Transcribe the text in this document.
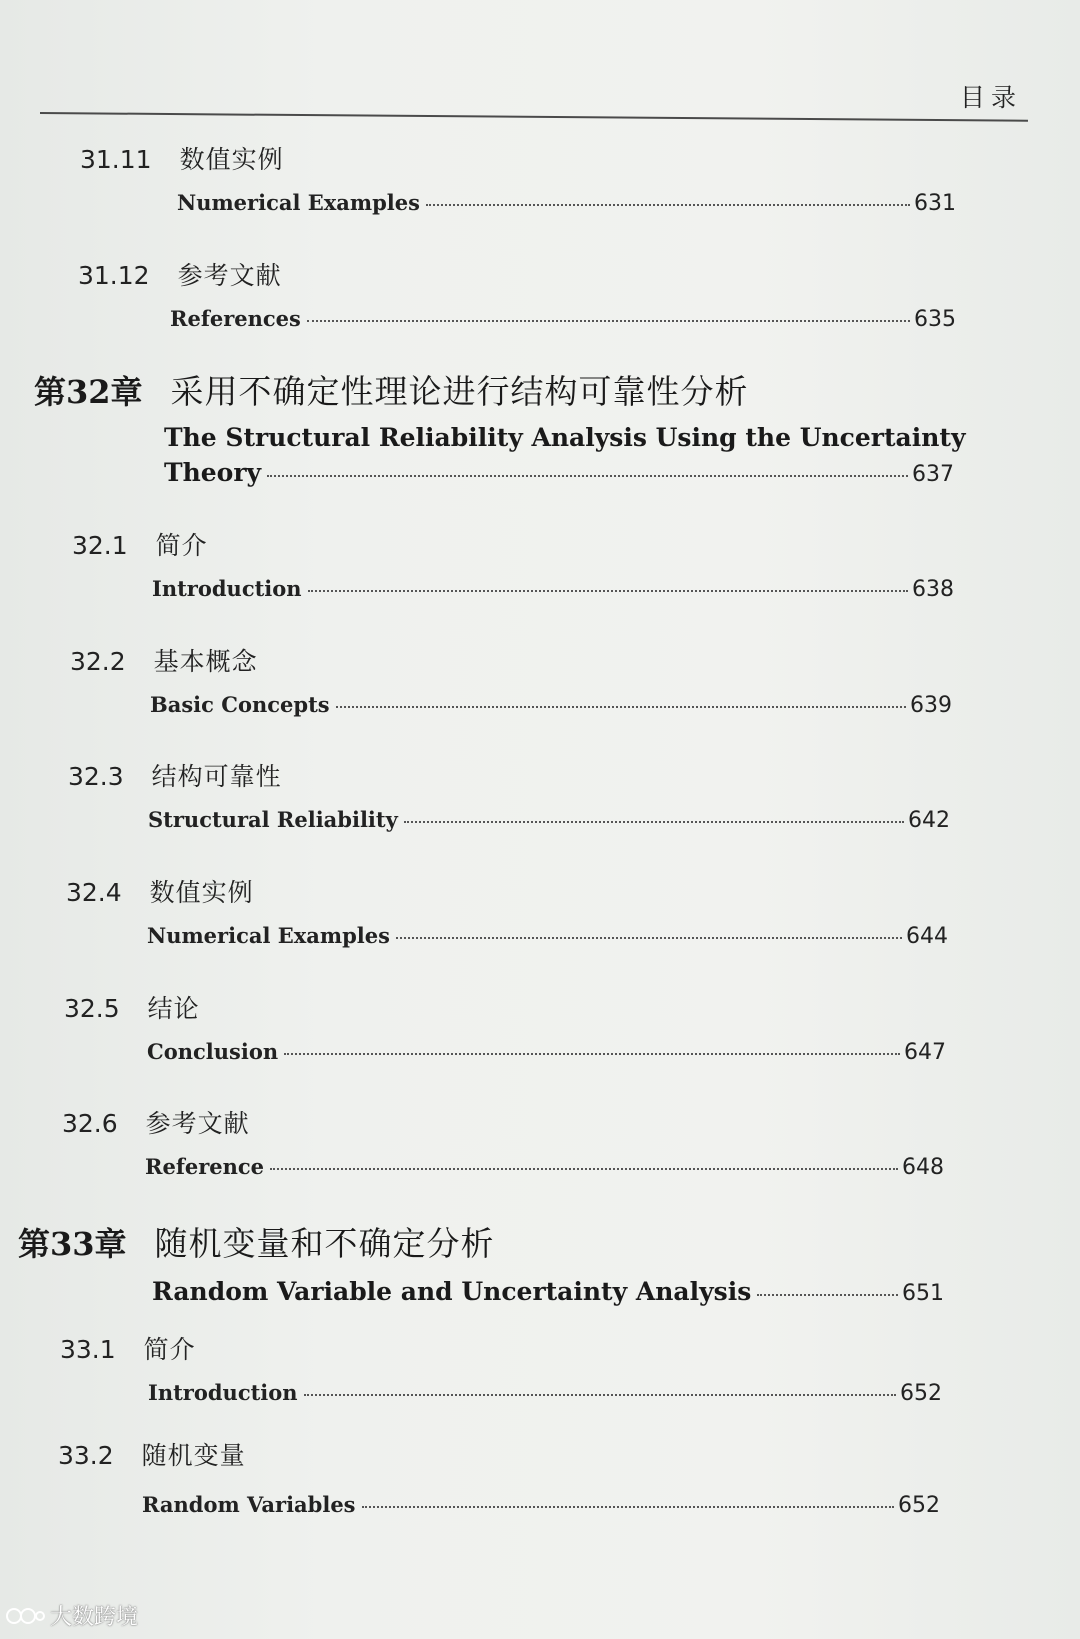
目录
31.11 数值实例
Numerical Examples	631
31.12 参考文献
References	635
第32章 采用不确定性理论进行结构可靠性分析
The Structural Reliability Analysis Using the Uncertainty
Theory	637
32.1 简介
Introduction	638
32.2 基本概念
Basic Concepts	639
32.3 结构可靠性
Structural Reliability	642
32.4 数值实例
Numerical Examples	644
32.5 结论
Conclusion	647
32.6 参考文献
Reference	648
第33章 随机变量和不确定分析
Random Variable and Uncertainty Analysis	651
33.1 简介
Introduction	652
33.2 随机变量
Random Variables	652
大数跨境
